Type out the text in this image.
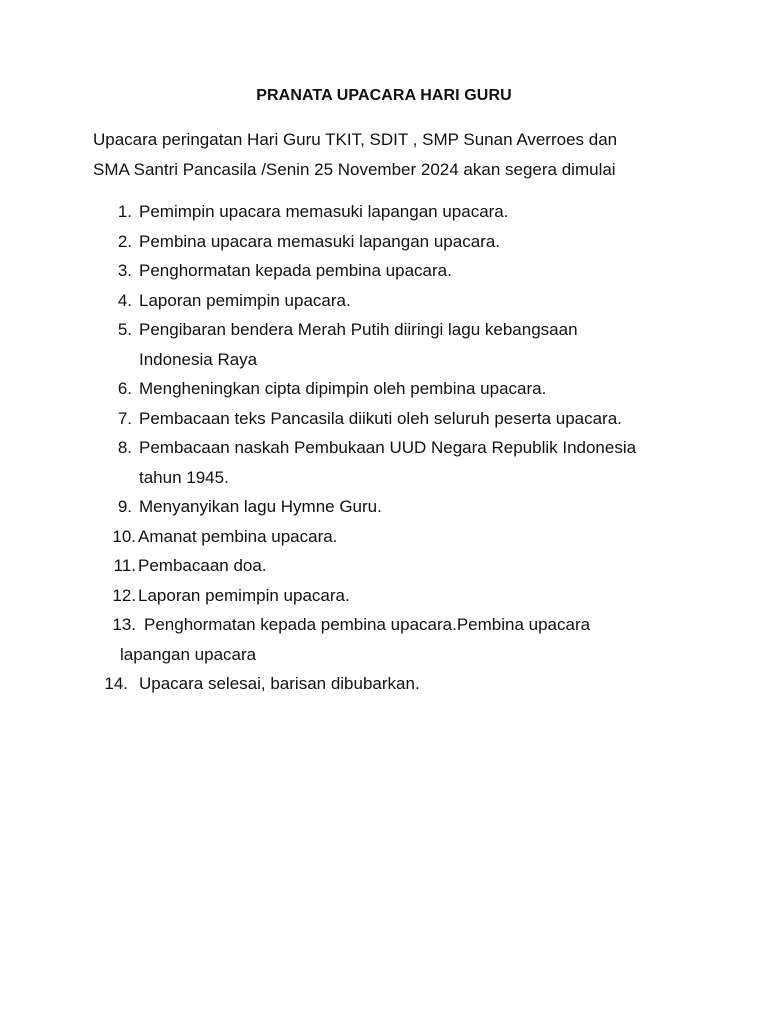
PRANATA UPACARA HARI GURU
Upacara peringatan Hari Guru TKIT, SDIT , SMP Sunan Averroes dan
SMA Santri Pancasila /Senin 25 November 2024 akan segera dimulai
1. Pemimpin upacara memasuki lapangan upacara.
2. Pembina upacara memasuki lapangan upacara.
3. Penghormatan kepada pembina upacara.
4. Laporan pemimpin upacara.
5. Pengibaran bendera Merah Putih diiringi lagu kebangsaan
Indonesia Raya
6. Mengheningkan cipta dipimpin oleh pembina upacara.
7. Pembacaan teks Pancasila diikuti oleh seluruh peserta upacara.
8. Pembacaan naskah Pembukaan UUD Negara Republik Indonesia
tahun 1945.
9. Menyanyikan lagu Hymne Guru.
10. Amanat pembina upacara.
11. Pembacaan doa.
12. Laporan pemimpin upacara.
13. Penghormatan kepada pembina upacara.Pembina upacara
lapangan upacara
14. Upacara selesai, barisan dibubarkan.
